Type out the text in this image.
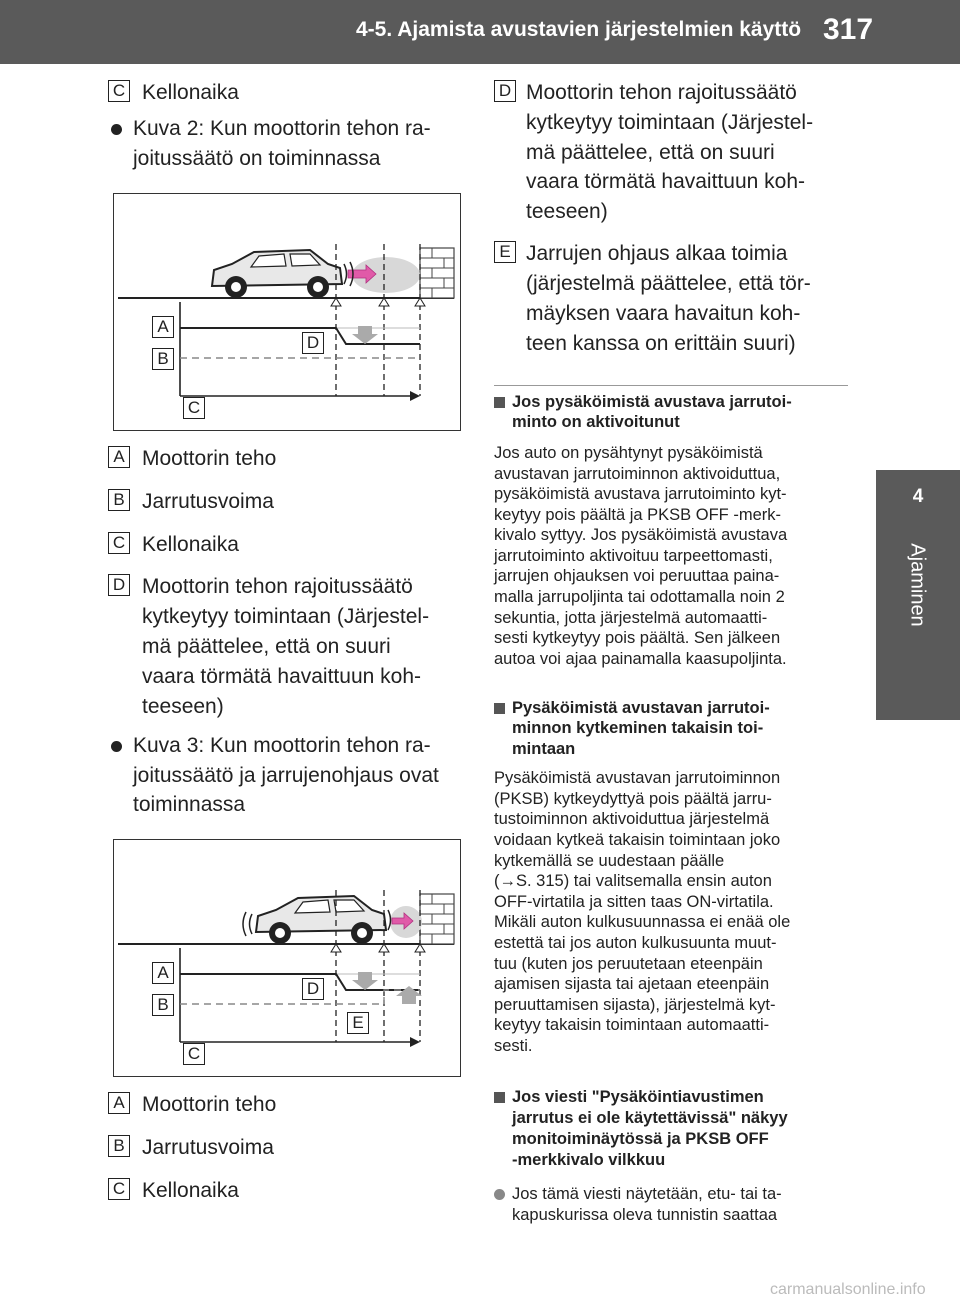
4-5. Ajamista avustavien järjestelmien käyttö 317
4
Ajaminen
C Kellonaika
Kuva 2: Kun moottorin tehon ra-
joitussäätö on toiminnassa
A
B
C
D
A Moottorin teho
B Jarrutusvoima
C Kellonaika
D Moottorin tehon rajoitussäätö
kytkeytyy toimintaan (Järjestel-
mä päättelee, että on suuri
vaara törmätä havaittuun koh-
teeseen)
Kuva 3: Kun moottorin tehon ra-
joitussäätö ja jarrujenohjaus ovat
toiminnassa
A
B
C
D
E
A Moottorin teho
B Jarrutusvoima
C Kellonaika
D Moottorin tehon rajoitussäätö
kytkeytyy toimintaan (Järjestel-
mä päättelee, että on suuri
vaara törmätä havaittuun koh-
teeseen)
E Jarrujen ohjaus alkaa toimia
(järjestelmä päättelee, että tör-
mäyksen vaara havaitun koh-
teen kanssa on erittäin suuri)
Jos pysäköimistä avustava jarrutoi-
minto on aktivoitunut
Jos auto on pysähtynyt pysäköimistä
avustavan jarrutoiminnon aktivoiduttua,
pysäköimistä avustava jarrutoiminto kyt-
keytyy pois päältä ja PKSB OFF -merk-
kivalo syttyy. Jos pysäköimistä avustava
jarrutoiminto aktivoituu tarpeettomasti,
jarrujen ohjauksen voi peruuttaa paina-
malla jarrupoljinta tai odottamalla noin 2
sekuntia, jotta järjestelmä automaatti-
sesti kytkeytyy pois päältä. Sen jälkeen
autoa voi ajaa painamalla kaasupoljinta.
Pysäköimistä avustavan jarrutoi-
minnon kytkeminen takaisin toi-
mintaan
Pysäköimistä avustavan jarrutoiminnon
(PKSB) kytkeydyttyä pois päältä jarru-
tustoiminnon aktivoiduttua järjestelmä
voidaan kytkeä takaisin toimintaan joko
kytkemällä se uudestaan päälle
(→S. 315) tai valitsemalla ensin auton
OFF-virtatila ja sitten taas ON-virtatila.
Mikäli auton kulkusuunnassa ei enää ole
estettä tai jos auton kulkusuunta muut-
tuu (kuten jos peruutetaan eteenpäin
ajamisen sijasta tai ajetaan eteenpäin
peruuttamisen sijasta), järjestelmä kyt-
keytyy takaisin toimintaan automaatti-
sesti.
Jos viesti "Pysäköintiavustimen
jarrutus ei ole käytettävissä" näkyy
monitoiminäytössä ja PKSB OFF
-merkkivalo vilkkuu
Jos tämä viesti näytetään, etu- tai ta-
kapuskurissa oleva tunnistin saattaa
carmanualsonline.info
